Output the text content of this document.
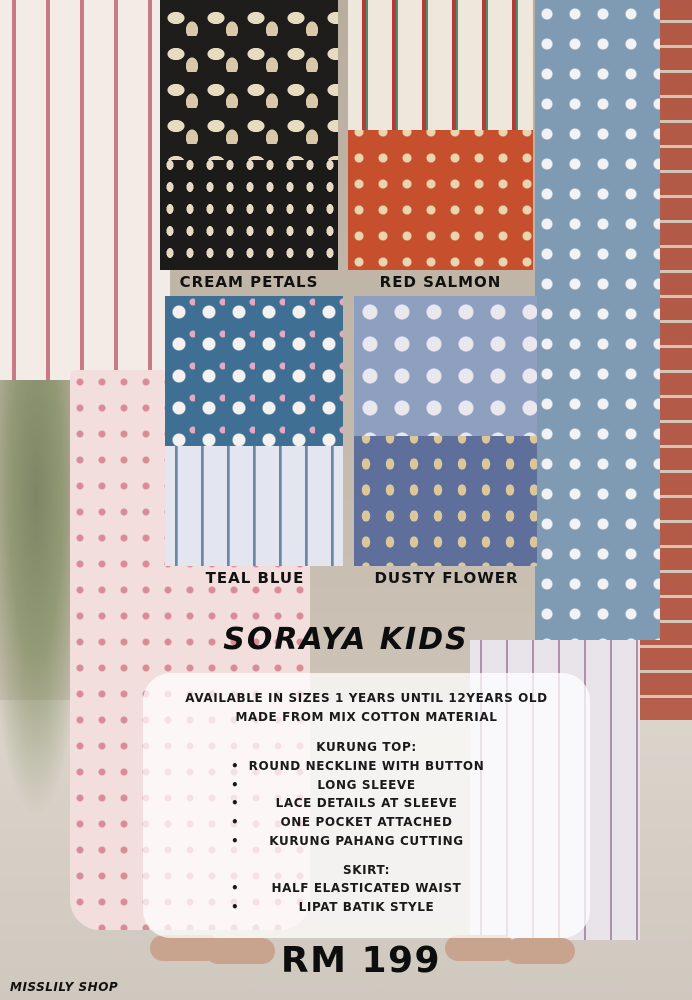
CREAM PETALS	RED SALMON
TEAL BLUE	DUSTY FLOWER
SORAYA KIDS
AVAILABLE IN SIZES 1 YEARS UNTIL 12YEARS OLD
MADE FROM MIX COTTON MATERIAL
KURUNG TOP:
• ROUND NECKLINE WITH BUTTON
•	LONG SLEEVE
•	LACE DETAILS AT SLEEVE
•	ONE POCKET ATTACHED
•	KURUNG PAHANG CUTTING
SKIRT:
•	HALF ELASTICATED WAIST
•	LIPAT BATIK STYLE
RM 199
MISSLILY SHOP
